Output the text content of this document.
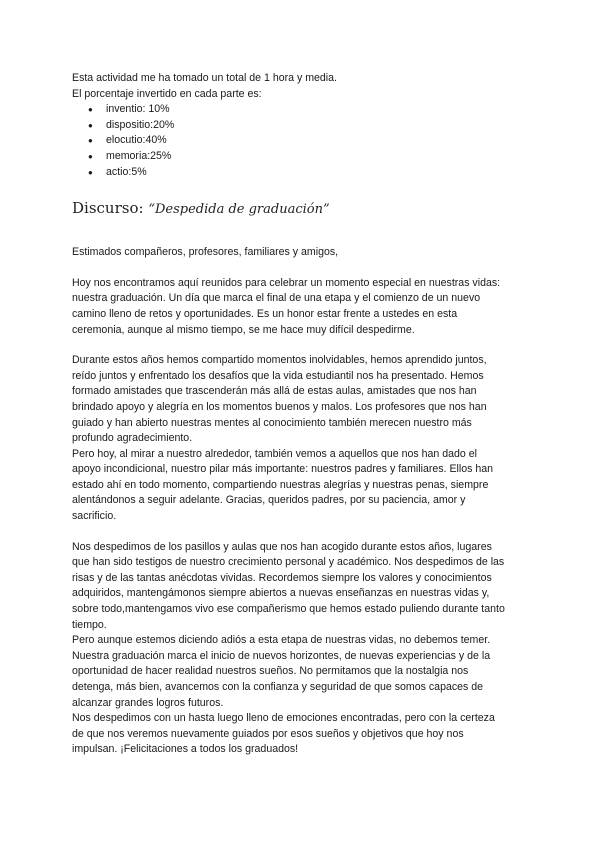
Esta actividad me ha tomado un total de 1 hora y media.
El porcentaje invertido en cada parte es:
● inventio: 10%
● dispositio:20%
● elocutio:40%
● memoria:25%
● actio:5%
Discurso: “Despedida de graduación”
Estimados compañeros, profesores, familiares y amigos,
Hoy nos encontramos aquí reunidos para celebrar un momento especial en nuestras vidas:
nuestra graduación. Un día que marca el final de una etapa y el comienzo de un nuevo
camino lleno de retos y oportunidades. Es un honor estar frente a ustedes en esta
ceremonia, aunque al mismo tiempo, se me hace muy difícil despedirme.
Durante estos años hemos compartido momentos inolvidables, hemos aprendido juntos,
reído juntos y enfrentado los desafíos que la vida estudiantil nos ha presentado. Hemos
formado amistades que trascenderán más allá de estas aulas, amistades que nos han
brindado apoyo y alegría en los momentos buenos y malos. Los profesores que nos han
guiado y han abierto nuestras mentes al conocimiento también merecen nuestro más
profundo agradecimiento.
Pero hoy, al mirar a nuestro alrededor, también vemos a aquellos que nos han dado el
apoyo incondicional, nuestro pilar más importante: nuestros padres y familiares. Ellos han
estado ahí en todo momento, compartiendo nuestras alegrías y nuestras penas, siempre
alentándonos a seguir adelante. Gracias, queridos padres, por su paciencia, amor y
sacrificio.
Nos despedimos de los pasillos y aulas que nos han acogido durante estos años, lugares
que han sido testigos de nuestro crecimiento personal y académico. Nos despedimos de las
risas y de las tantas anécdotas vividas. Recordemos siempre los valores y conocimientos
adquiridos, mantengámonos siempre abiertos a nuevas enseñanzas en nuestras vidas y,
sobre todo,mantengamos vivo ese compañerismo que hemos estado puliendo durante tanto
tiempo.
Pero aunque estemos diciendo adiós a esta etapa de nuestras vidas, no debemos temer.
Nuestra graduación marca el inicio de nuevos horizontes, de nuevas experiencias y de la
oportunidad de hacer realidad nuestros sueños. No permitamos que la nostalgia nos
detenga, más bien, avancemos con la confianza y seguridad de que somos capaces de
alcanzar grandes logros futuros.
Nos despedimos con un hasta luego lleno de emociones encontradas, pero con la certeza
de que nos veremos nuevamente guiados por esos sueños y objetivos que hoy nos
impulsan. ¡Felicitaciones a todos los graduados!
